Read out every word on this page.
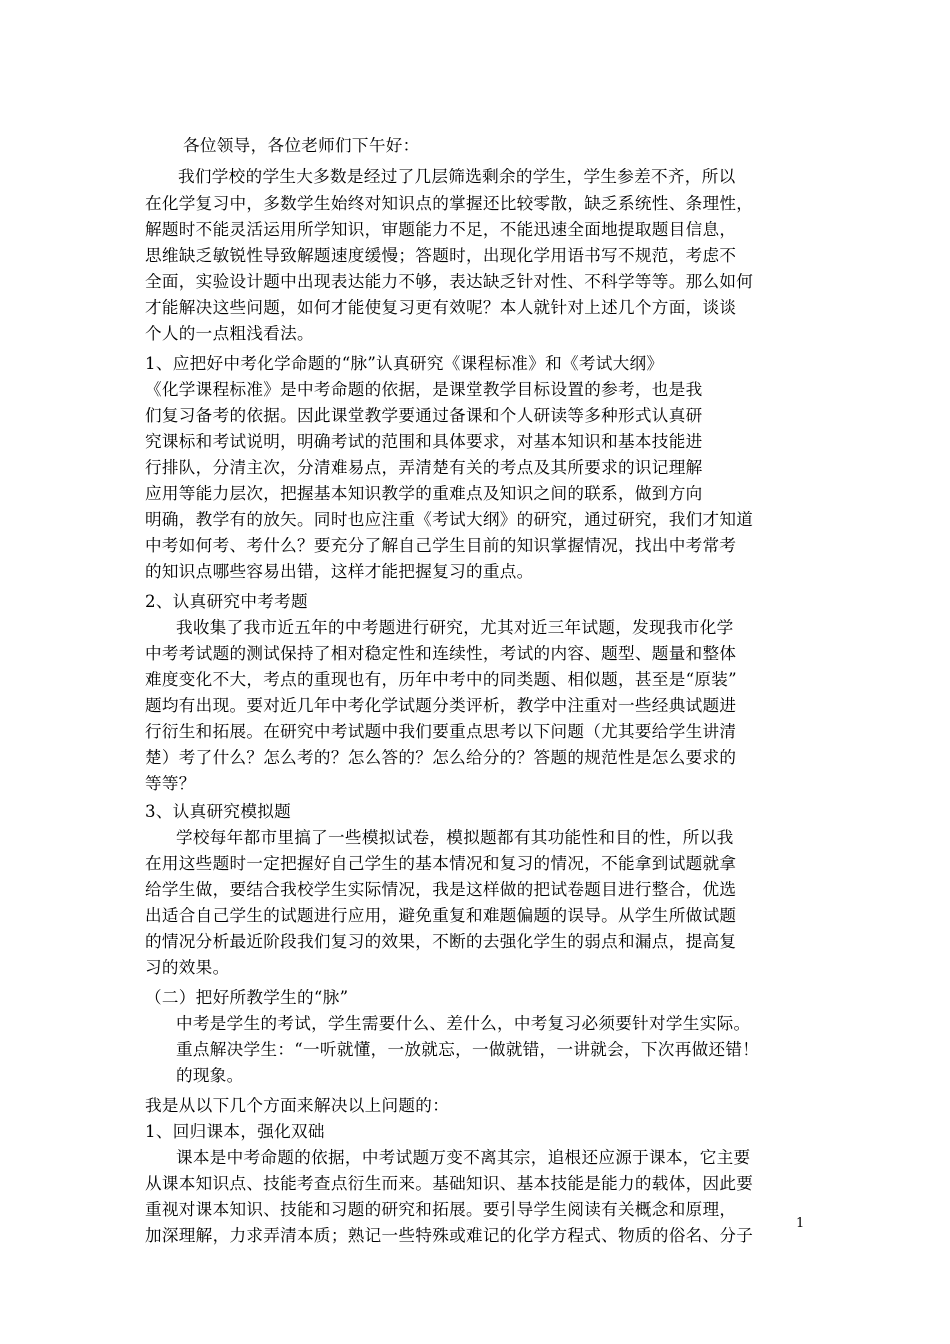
各位领导，各位老师们下午好：
我们学校的学生大多数是经过了几层筛选剩余的学生，学生参差不齐，所以
在化学复习中，多数学生始终对知识点的掌握还比较零散，缺乏系统性、条理性，
解题时不能灵活运用所学知识，审题能力不足，不能迅速全面地提取题目信息，
思维缺乏敏锐性导致解题速度缓慢；答题时，出现化学用语书写不规范，考虑不
全面，实验设计题中出现表达能力不够，表达缺乏针对性、不科学等等。那么如何
才能解决这些问题，如何才能使复习更有效呢？本人就针对上述几个方面，谈谈
个人的一点粗浅看法。
1、应把好中考化学命题的“脉”认真研究《课程标准》和《考试大纲》
《化学课程标准》是中考命题的依据，是课堂教学目标设置的参考，也是我
们复习备考的依据。因此课堂教学要通过备课和个人研读等多种形式认真研
究课标和考试说明，明确考试的范围和具体要求，对基本知识和基本技能进
行排队，分清主次，分清难易点，弄清楚有关的考点及其所要求的识记理解
应用等能力层次，把握基本知识教学的重难点及知识之间的联系，做到方向
明确，教学有的放矢。同时也应注重《考试大纲》的研究，通过研究，我们才知道
中考如何考、考什么？要充分了解自己学生目前的知识掌握情况，找出中考常考
的知识点哪些容易出错，这样才能把握复习的重点。
2、认真研究中考考题
我收集了我市近五年的中考题进行研究，尤其对近三年试题，发现我市化学
中考考试题的测试保持了相对稳定性和连续性，考试的内容、题型、题量和整体
难度变化不大，考点的重现也有，历年中考中的同类题、相似题，甚至是“原装”
题均有出现。要对近几年中考化学试题分类评析，教学中注重对一些经典试题进
行衍生和拓展。在研究中考试题中我们要重点思考以下问题（尤其要给学生讲清
楚）考了什么？怎么考的？怎么答的？怎么给分的？答题的规范性是怎么要求的
等等？
3、认真研究模拟题
学校每年都市里搞了一些模拟试卷，模拟题都有其功能性和目的性，所以我
在用这些题时一定把握好自己学生的基本情况和复习的情况，不能拿到试题就拿
给学生做，要结合我校学生实际情况，我是这样做的把试卷题目进行整合，优选
出适合自己学生的试题进行应用，避免重复和难题偏题的误导。从学生所做试题
的情况分析最近阶段我们复习的效果，不断的去强化学生的弱点和漏点，提高复
习的效果。
（二）把好所教学生的“脉”
中考是学生的考试，学生需要什么、差什么，中考复习必须要针对学生实际。
重点解决学生：“一听就懂，一放就忘，一做就错，一讲就会，下次再做还错！
的现象。
我是从以下几个方面来解决以上问题的：
1、回归课本，强化双础
课本是中考命题的依据，中考试题万变不离其宗，追根还应源于课本，它主要
从课本知识点、技能考查点衍生而来。基础知识、基本技能是能力的载体，因此要
重视对课本知识、技能和习题的研究和拓展。要引导学生阅读有关概念和原理，
加深理解，力求弄清本质；熟记一些特殊或难记的化学方程式、物质的俗名、分子
1
